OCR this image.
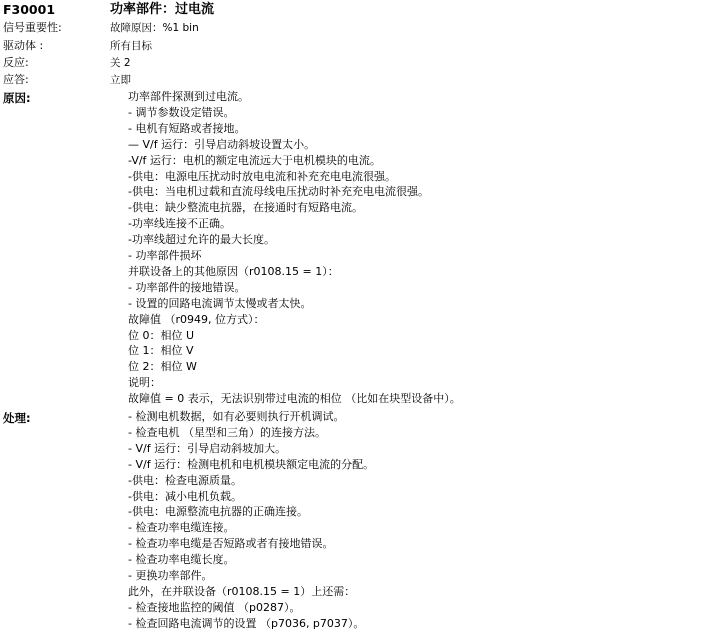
F30001	功率部件：过电流
信号重要性:	故障原因：%1 bin
驱动体 :	所有目标
反应:	关 2
应答:	立即
原因:	功率部件探测到过电流。
- 调节参数设定错误。
- 电机有短路或者接地。
— V/f 运行：引导启动斜坡设置太小。
-V/f 运行：电机的额定电流远大于电机模块的电流。
-供电：电源电压扰动时放电电流和补充充电电流很强。
-供电：当电机过载和直流母线电压扰动时补充充电电流很强。
-供电：缺少整流电抗器，在接通时有短路电流。
-功率线连接不正确。
-功率线超过允许的最大长度。
- 功率部件损坏
并联设备上的其他原因（r0108.15 = 1）：
- 功率部件的接地错误。
- 设置的回路电流调节太慢或者太快。
故障值 （r0949, 位方式）：
位 0：相位 U
位 1：相位 V
位 2：相位 W
说明：
故障值 = 0 表示，无法识别带过电流的相位 （比如在块型设备中）。
处理:	- 检测电机数据，如有必要则执行开机调试。
- 检查电机 （星型和三角）的连接方法。
- V/f 运行：引导启动斜坡加大。
- V/f 运行：检测电机和电机模块额定电流的分配。
-供电：检查电源质量。
-供电：减小电机负载。
-供电：电源整流电抗器的正确连接。
- 检查功率电缆连接。
- 检查功率电缆是否短路或者有接地错误。
- 检查功率电缆长度。
- 更换功率部件。
此外，在并联设备（r0108.15 = 1）上还需：
- 检查接地监控的阈值 （p0287）。
- 检查回路电流调节的设置 （p7036, p7037）。
